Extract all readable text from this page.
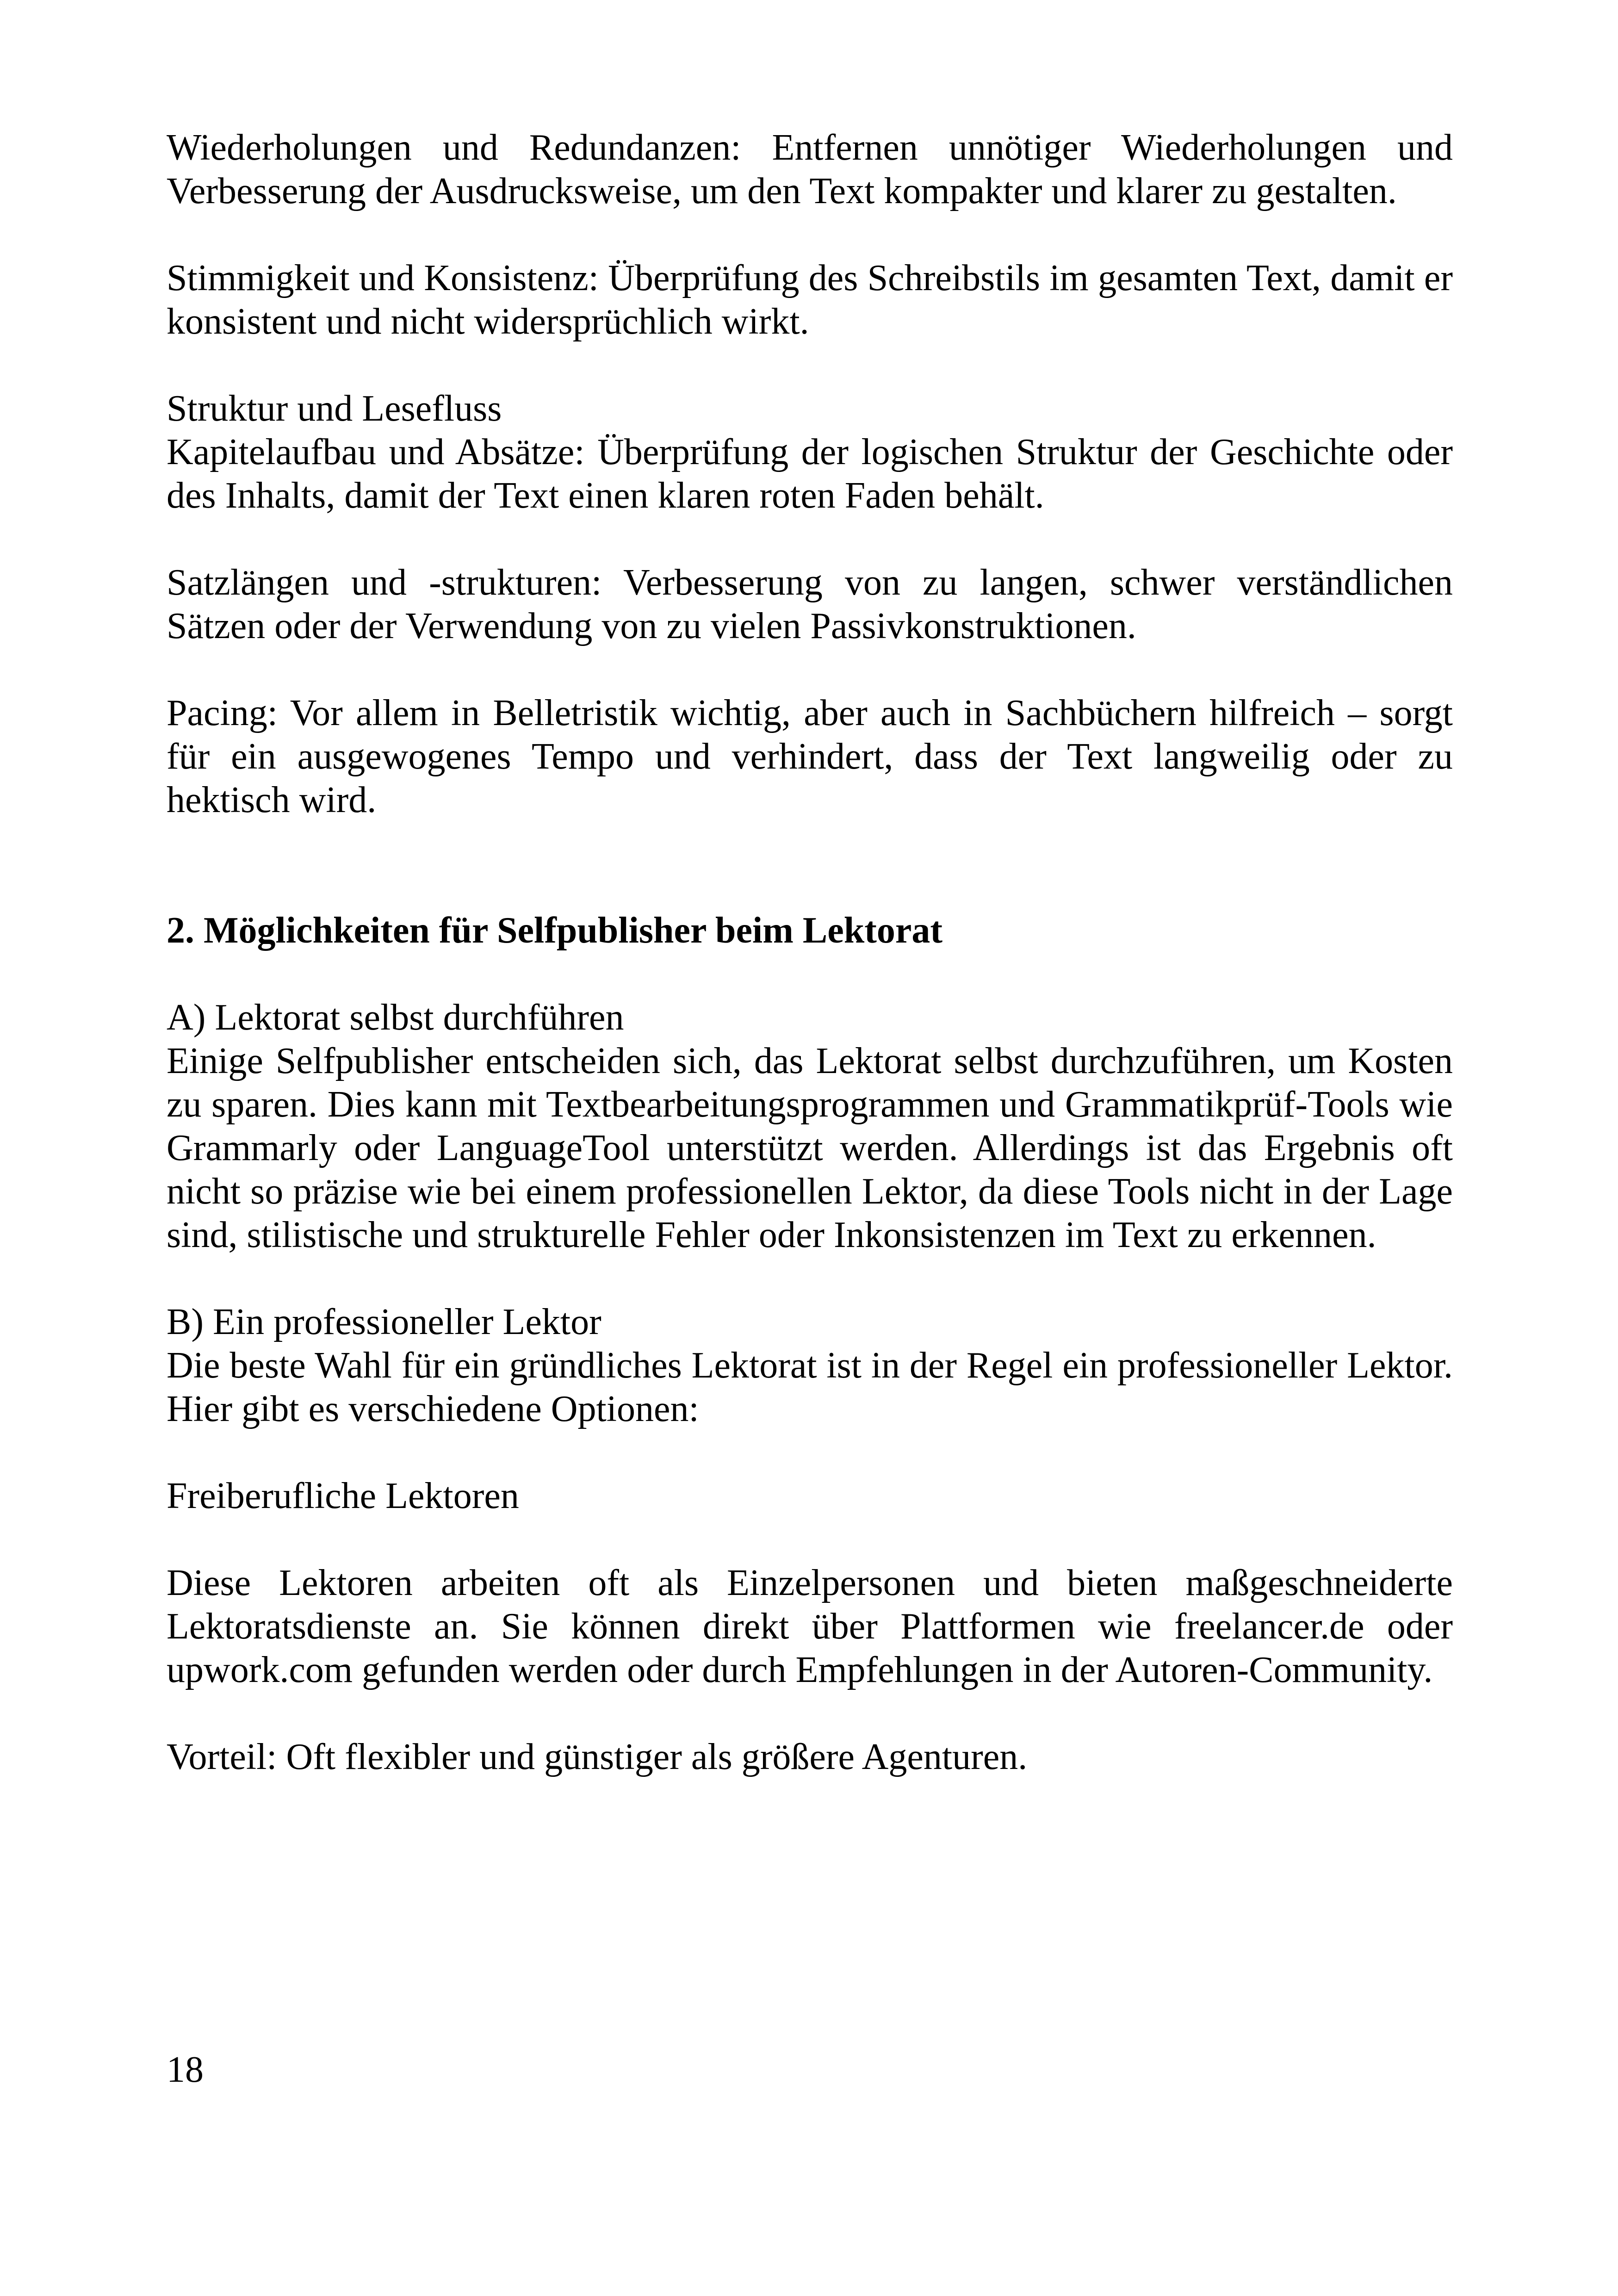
Wiederholungen und Redundanzen: Entfernen unnötiger Wiederholungen und Verbesserung der Ausdrucksweise, um den Text kompakter und klarer zu gestalten.

Stimmigkeit und Konsistenz: Überprüfung des Schreibstils im gesamten Text, damit er konsistent und nicht widersprüchlich wirkt.

Struktur und Lesefluss
Kapitelaufbau und Absätze: Überprüfung der logischen Struktur der Geschichte oder des Inhalts, damit der Text einen klaren roten Faden behält.

Satzlängen und -strukturen: Verbesserung von zu langen, schwer verständlichen Sätzen oder der Verwendung von zu vielen Passivkonstruktionen.

Pacing: Vor allem in Belletristik wichtig, aber auch in Sachbüchern hilfreich – sorgt für ein ausgewogenes Tempo und verhindert, dass der Text langweilig oder zu hektisch wird.

2. Möglichkeiten für Selfpublisher beim Lektorat

A) Lektorat selbst durchführen
Einige Selfpublisher entscheiden sich, das Lektorat selbst durchzuführen, um Kosten zu sparen. Dies kann mit Textbearbeitungsprogrammen und Grammatikprüf-Tools wie Grammarly oder LanguageTool unterstützt werden. Allerdings ist das Ergebnis oft nicht so präzise wie bei einem professionellen Lektor, da diese Tools nicht in der Lage sind, stilistische und strukturelle Fehler oder Inkonsistenzen im Text zu erkennen.

B) Ein professioneller Lektor
Die beste Wahl für ein gründliches Lektorat ist in der Regel ein professioneller Lektor. Hier gibt es verschiedene Optionen:

Freiberufliche Lektoren

Diese Lektoren arbeiten oft als Einzelpersonen und bieten maßgeschneiderte Lektoratsdienste an. Sie können direkt über Plattformen wie freelancer.de oder upwork.com gefunden werden oder durch Empfehlungen in der Autoren-Community.

Vorteil: Oft flexibler und günstiger als größere Agenturen.

18
